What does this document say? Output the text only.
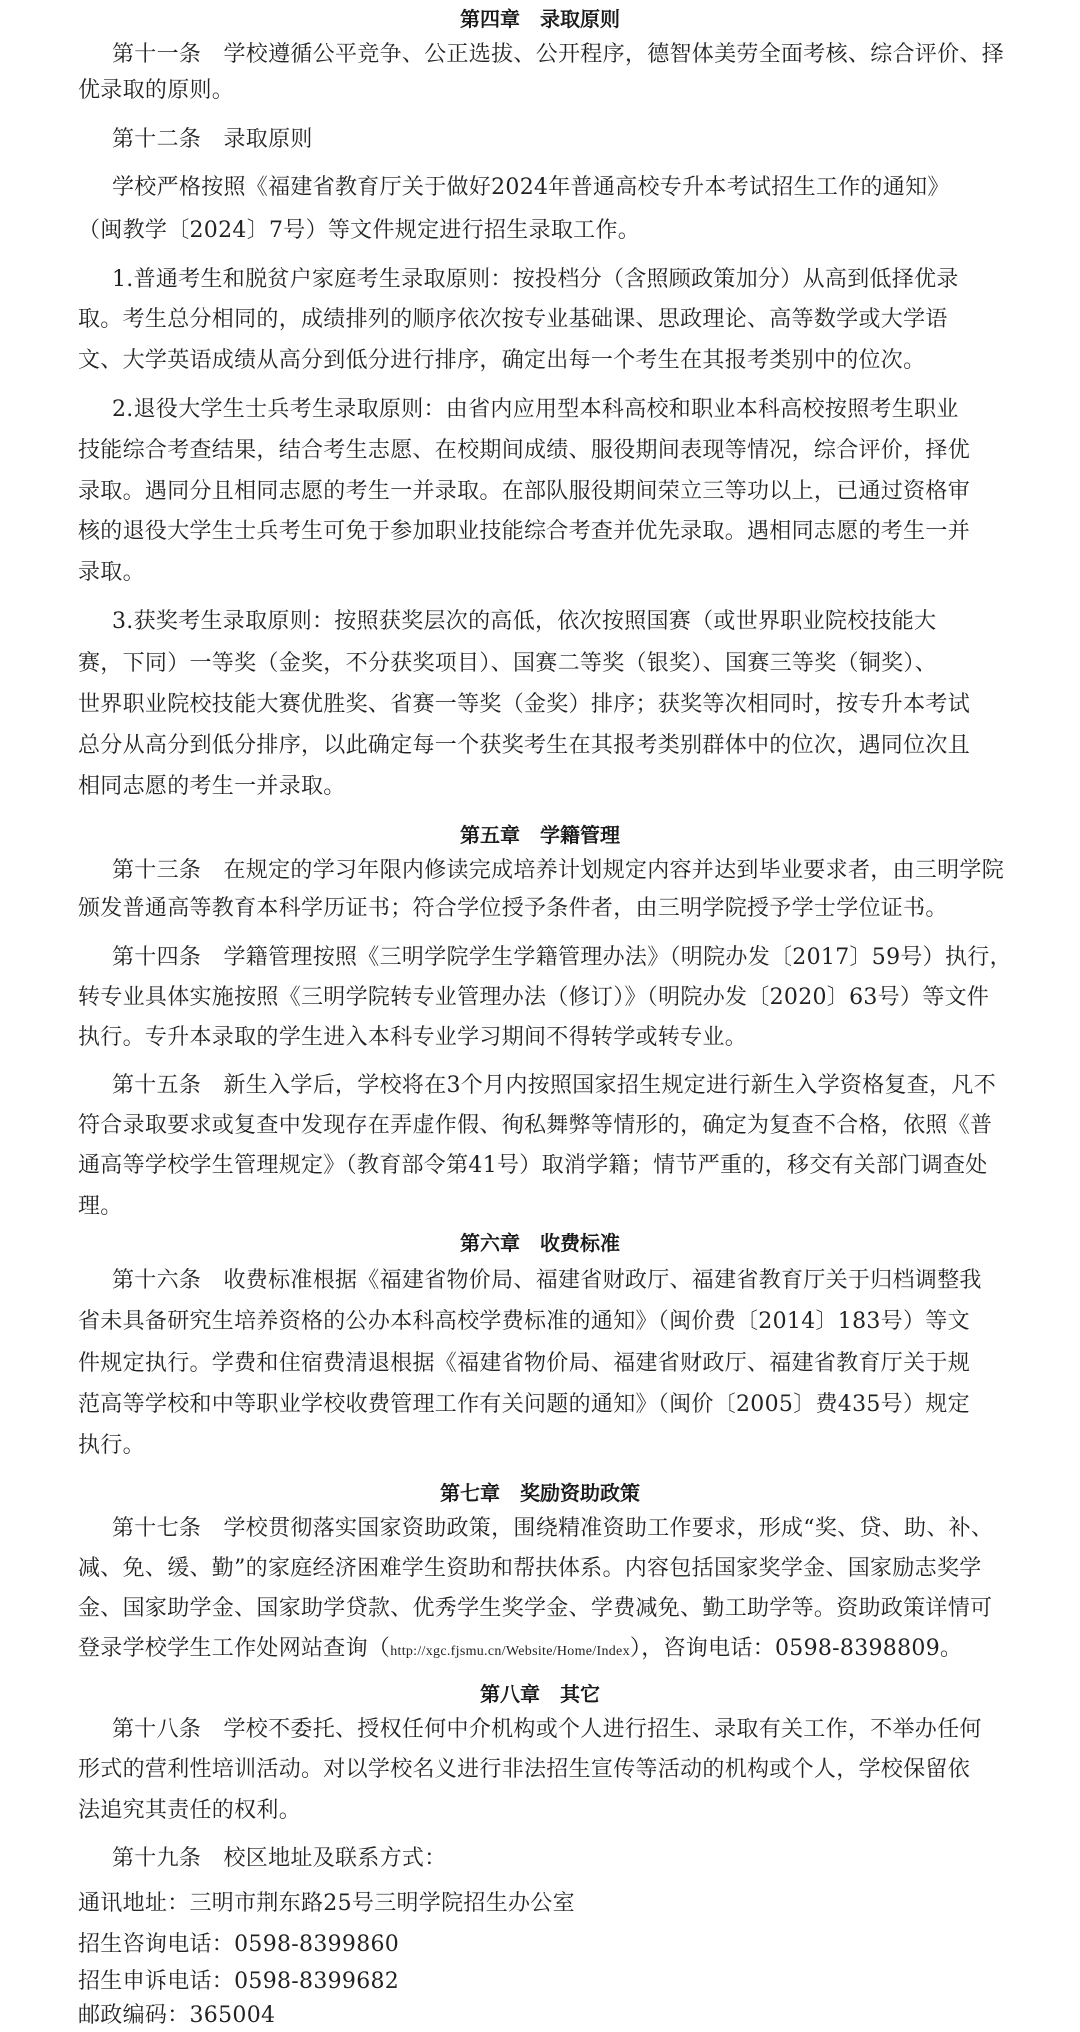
第四章　录取原则
第十一条　学校遵循公平竞争、公正选拔、公开程序，德智体美劳全面考核、综合评价、择
优录取的原则。
第十二条　录取原则
学校严格按照《福建省教育厅关于做好2024年普通高校专升本考试招生工作的通知》
（闽教学〔2024〕7号）等文件规定进行招生录取工作。
1.普通考生和脱贫户家庭考生录取原则：按投档分（含照顾政策加分）从高到低择优录
取。考生总分相同的，成绩排列的顺序依次按专业基础课、思政理论、高等数学或大学语
文、大学英语成绩从高分到低分进行排序，确定出每一个考生在其报考类别中的位次。
2.退役大学生士兵考生录取原则：由省内应用型本科高校和职业本科高校按照考生职业
技能综合考查结果，结合考生志愿、在校期间成绩、服役期间表现等情况，综合评价，择优
录取。遇同分且相同志愿的考生一并录取。在部队服役期间荣立三等功以上，已通过资格审
核的退役大学生士兵考生可免于参加职业技能综合考查并优先录取。遇相同志愿的考生一并
录取。
3.获奖考生录取原则：按照获奖层次的高低，依次按照国赛（或世界职业院校技能大
赛，下同）一等奖（金奖，不分获奖项目）、国赛二等奖（银奖）、国赛三等奖（铜奖）、
世界职业院校技能大赛优胜奖、省赛一等奖（金奖）排序；获奖等次相同时，按专升本考试
总分从高分到低分排序，以此确定每一个获奖考生在其报考类别群体中的位次，遇同位次且
相同志愿的考生一并录取。
第五章　学籍管理
第十三条　在规定的学习年限内修读完成培养计划规定内容并达到毕业要求者，由三明学院
颁发普通高等教育本科学历证书；符合学位授予条件者，由三明学院授予学士学位证书。
第十四条　学籍管理按照《三明学院学生学籍管理办法》（明院办发〔2017〕59号）执行，
转专业具体实施按照《三明学院转专业管理办法（修订）》（明院办发〔2020〕63号）等文件
执行。专升本录取的学生进入本科专业学习期间不得转学或转专业。
第十五条　新生入学后，学校将在3个月内按照国家招生规定进行新生入学资格复查，凡不
符合录取要求或复查中发现存在弄虚作假、徇私舞弊等情形的，确定为复查不合格，依照《普
通高等学校学生管理规定》（教育部令第41号）取消学籍；情节严重的，移交有关部门调查处
理。
第六章　收费标准
第十六条　收费标准根据《福建省物价局、福建省财政厅、福建省教育厅关于归档调整我
省未具备研究生培养资格的公办本科高校学费标准的通知》（闽价费〔2014〕183号）等文
件规定执行。学费和住宿费清退根据《福建省物价局、福建省财政厅、福建省教育厅关于规
范高等学校和中等职业学校收费管理工作有关问题的通知》（闽价〔2005〕费435号）规定
执行。
第七章　奖励资助政策
第十七条　学校贯彻落实国家资助政策，围绕精准资助工作要求，形成“奖、贷、助、补、
减、免、缓、勤”的家庭经济困难学生资助和帮扶体系。内容包括国家奖学金、国家励志奖学
金、国家助学金、国家助学贷款、优秀学生奖学金、学费减免、勤工助学等。资助政策详情可
登录学校学生工作处网站查询（http://xgc.fjsmu.cn/Website/Home/Index），咨询电话：0598-8398809。
第八章　其它
第十八条　学校不委托、授权任何中介机构或个人进行招生、录取有关工作，不举办任何
形式的营利性培训活动。对以学校名义进行非法招生宣传等活动的机构或个人，学校保留依
法追究其责任的权利。
第十九条　校区地址及联系方式：
通讯地址：三明市荆东路25号三明学院招生办公室
招生咨询电话：0598-8399860
招生申诉电话：0598-8399682
邮政编码：365004
